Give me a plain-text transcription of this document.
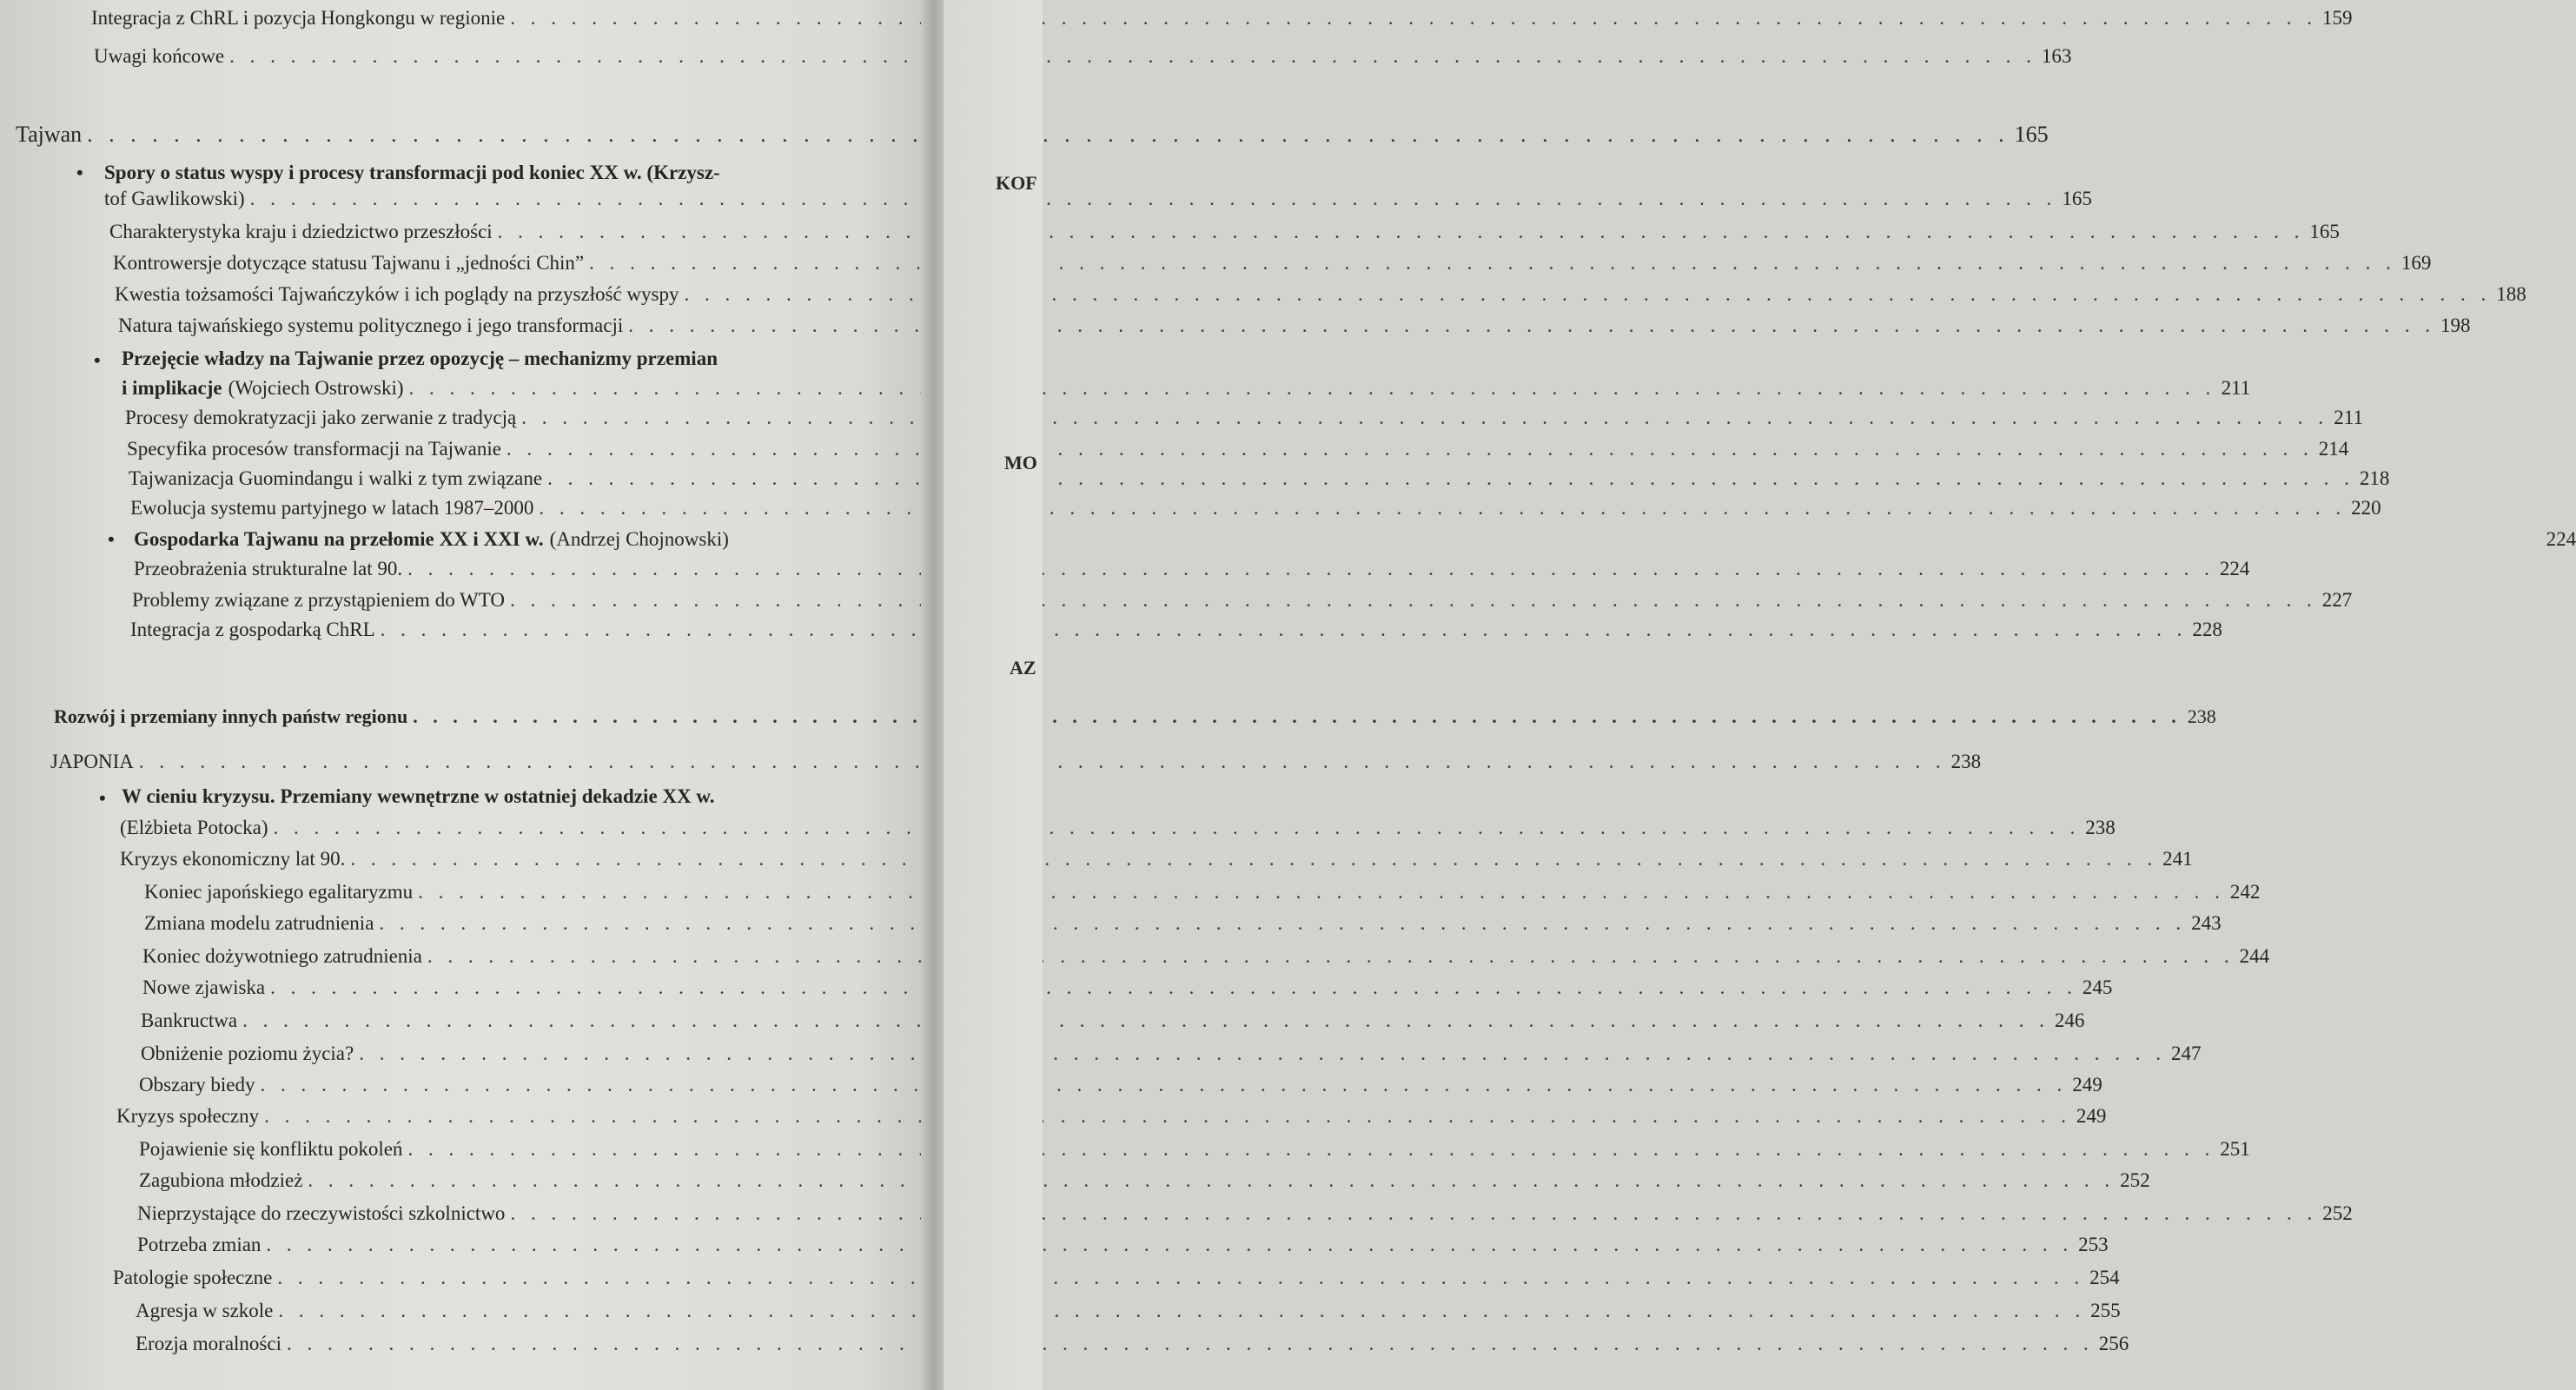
Integracja z ChRL i pozycja Hongkongu w regionie . . .	159
Uwagi końcowe . . .	163
Tajwan . . .	165
• Spory o status wyspy i procesy transformacji pod koniec XX w. (Krzysz-
tof Gawlikowski) . . .	165
Charakterystyka kraju i dziedzictwo przeszłości . . .	165
Kontrowersje dotyczące statusu Tajwanu i „jedności Chin” . . .	169
Kwestia tożsamości Tajwańczyków i ich poglądy na przyszłość wyspy . . .	188
Natura tajwańskiego systemu politycznego i jego transformacji . . .	198
• Przejęcie władzy na Tajwanie przez opozycję – mechanizmy przemian
i implikacje (Wojciech Ostrowski) . . .	211
Procesy demokratyzacji jako zerwanie z tradycją . . .	211
Specyfika procesów transformacji na Tajwanie . . .	214
Tajwanizacja Guomindangu i walki z tym związane . . .	218
Ewolucja systemu partyjnego w latach 1987–2000 . . .	220
• Gospodarka Tajwanu na przełomie XX i XXI w. (Andrzej Chojnowski)	224
Przeobrażenia strukturalne lat 90. . . .	224
Problemy związane z przystąpieniem do WTO . . .	227
Integracja z gospodarką ChRL . . .	228
Rozwój i przemiany innych państw regionu . . .	238
JAPONIA . . .	238
• W cieniu kryzysu. Przemiany wewnętrzne w ostatniej dekadzie XX w.
(Elżbieta Potocka) . . .	238
Kryzys ekonomiczny lat 90. . . .	241
Koniec japońskiego egalitaryzmu . . .	242
Zmiana modelu zatrudnienia . . .	243
Koniec dożywotniego zatrudnienia . . .	244
Nowe zjawiska . . .	245
Bankructwa . . .	246
Obniżenie poziomu życia? . . .	247
Obszary biedy . . .	249
Kryzys społeczny . . .	249
Pojawienie się konfliktu pokoleń . . .	251
Zagubiona młodzież . . .	252
Nieprzystające do rzeczywistości szkolnictwo . . .	252
Potrzeba zmian . . .	253
Patologie społeczne . . .	254
Agresja w szkole . . .	255
Erozja moralności . . .	256
KOF
MO
AZ
